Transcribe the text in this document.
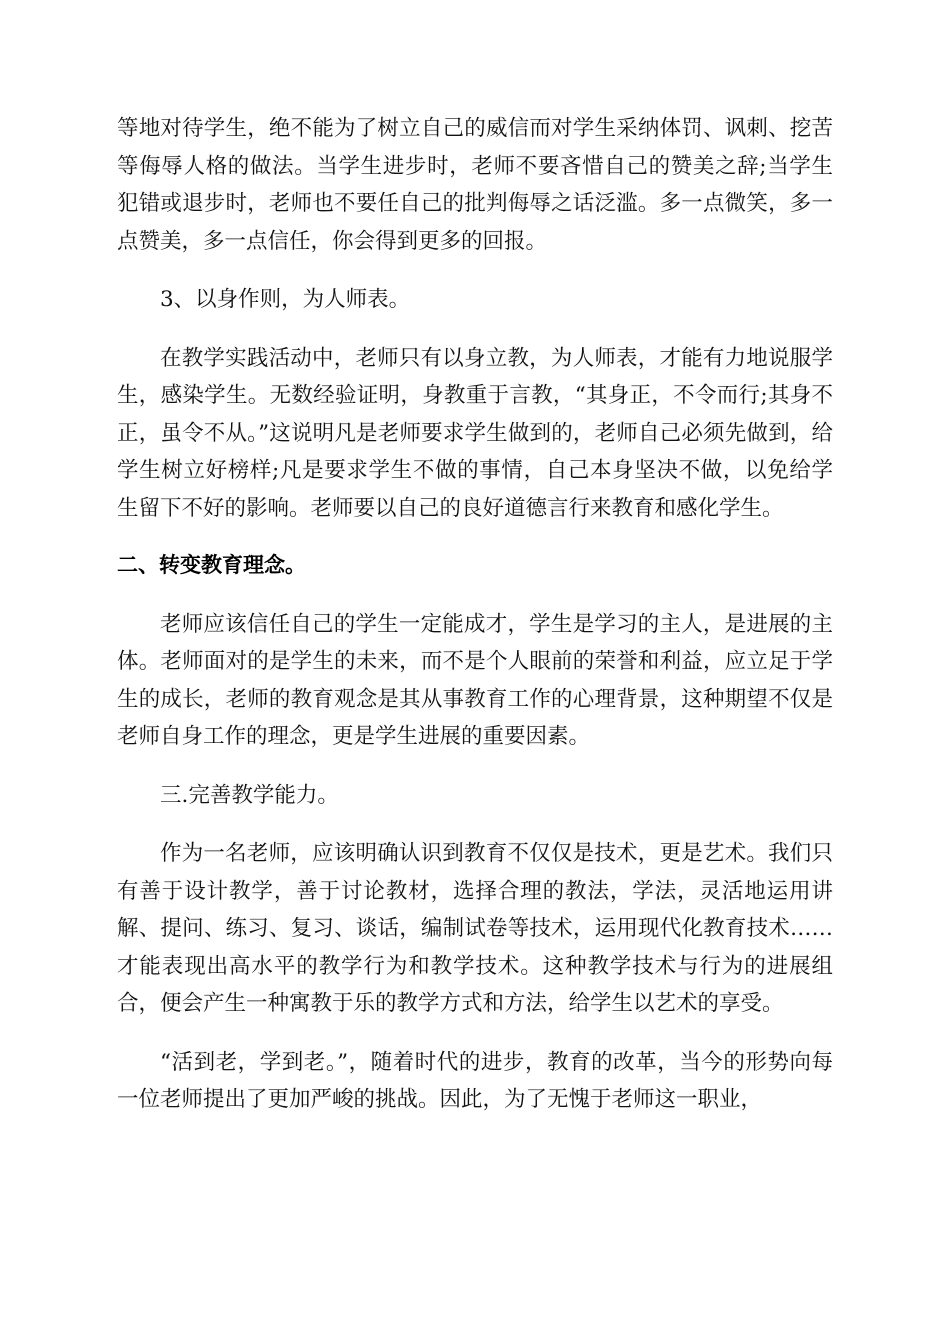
等地对待学生，绝不能为了树立自己的威信而对学生采纳体罚、讽刺、挖苦等侮辱人格的做法。当学生进步时，老师不要吝惜自己的赞美之辞;当学生犯错或退步时，老师也不要任自己的批判侮辱之话泛滥。多一点微笑，多一点赞美，多一点信任，你会得到更多的回报。

3、以身作则，为人师表。

在教学实践活动中，老师只有以身立教，为人师表，才能有力地说服学生，感染学生。无数经验证明，身教重于言教，“其身正，不令而行;其身不正，虽令不从。”这说明凡是老师要求学生做到的，老师自己必须先做到，给学生树立好榜样;凡是要求学生不做的事情，自己本身坚决不做，以免给学生留下不好的影响。老师要以自己的良好道德言行来教育和感化学生。

二、转变教育理念。

老师应该信任自己的学生一定能成才，学生是学习的主人，是进展的主体。老师面对的是学生的未来，而不是个人眼前的荣誉和利益，应立足于学生的成长，老师的教育观念是其从事教育工作的心理背景，这种期望不仅是老师自身工作的理念，更是学生进展的重要因素。

三.完善教学能力。

作为一名老师，应该明确认识到教育不仅仅是技术，更是艺术。我们只有善于设计教学，善于讨论教材，选择合理的教法，学法，灵活地运用讲解、提问、练习、复习、谈话，编制试卷等技术，运用现代化教育技术……才能表现出高水平的教学行为和教学技术。这种教学技术与行为的进展组合，便会产生一种寓教于乐的教学方式和方法，给学生以艺术的享受。

“活到老，学到老。”，随着时代的进步，教育的改革，当今的形势向每一位老师提出了更加严峻的挑战。因此，为了无愧于老师这一职业，
